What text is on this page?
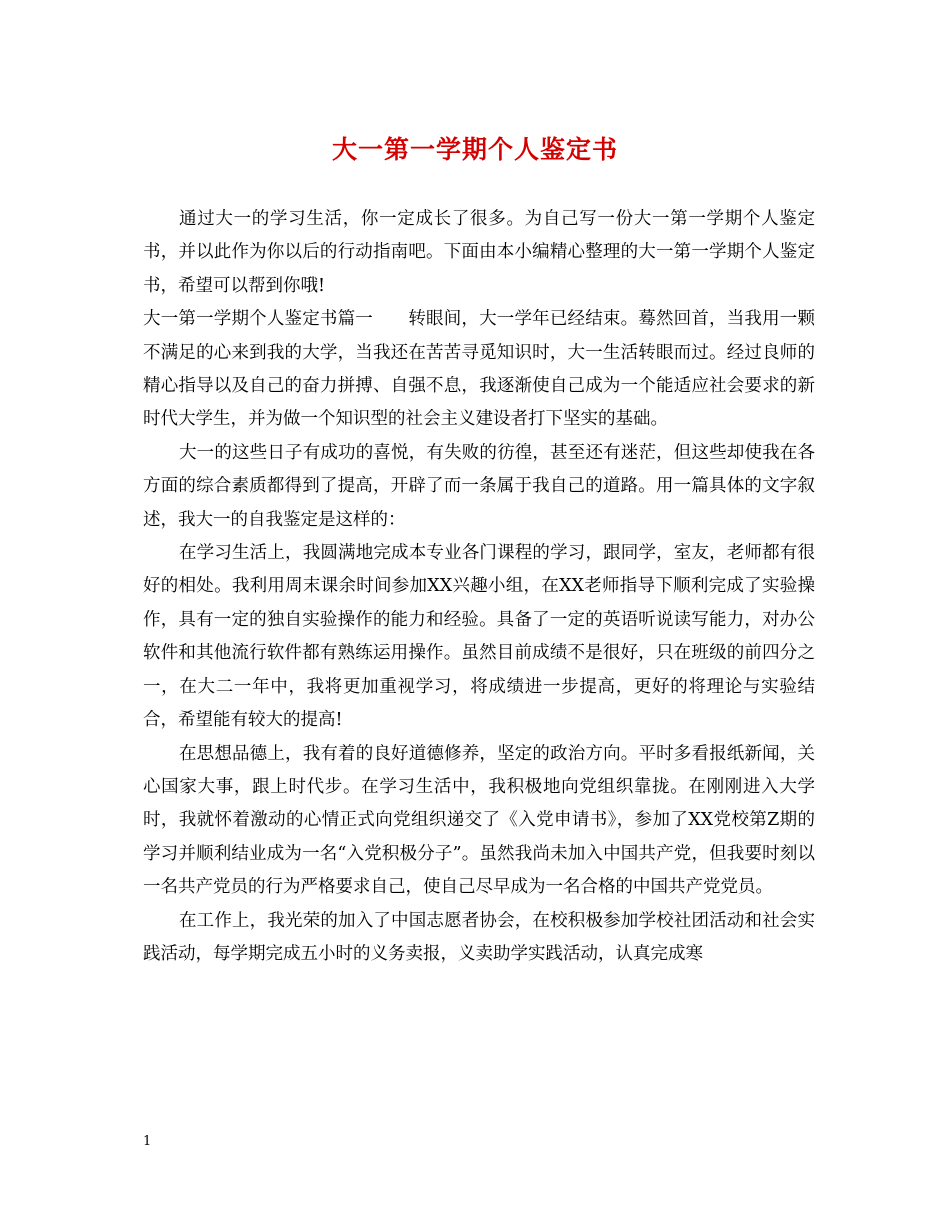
大一第一学期个人鉴定书

通过大一的学习生活，你一定成长了很多。为自己写一份大一第一学期个人鉴定书，并以此作为你以后的行动指南吧。下面由本小编精心整理的大一第一学期个人鉴定书，希望可以帮到你哦!

大一第一学期个人鉴定书篇一　　转眼间，大一学年已经结束。蓦然回首，当我用一颗不满足的心来到我的大学，当我还在苦苦寻觅知识时，大一生活转眼而过。经过良师的精心指导以及自己的奋力拼搏、自强不息，我逐渐使自己成为一个能适应社会要求的新时代大学生，并为做一个知识型的社会主义建设者打下坚实的基础。

大一的这些日子有成功的喜悦，有失败的彷徨，甚至还有迷茫，但这些却使我在各方面的综合素质都得到了提高，开辟了而一条属于我自己的道路。用一篇具体的文字叙述，我大一的自我鉴定是这样的：

在学习生活上，我圆满地完成本专业各门课程的学习，跟同学，室友，老师都有很好的相处。我利用周末课余时间参加XX兴趣小组，在XX老师指导下顺利完成了实验操作，具有一定的独自实验操作的能力和经验。具备了一定的英语听说读写能力，对办公软件和其他流行软件都有熟练运用操作。虽然目前成绩不是很好，只在班级的前四分之一，在大二一年中，我将更加重视学习，将成绩进一步提高，更好的将理论与实验结合，希望能有较大的提高!

在思想品德上，我有着的良好道德修养，坚定的政治方向。平时多看报纸新闻，关心国家大事，跟上时代步。在学习生活中，我积极地向党组织靠拢。在刚刚进入大学时，我就怀着激动的心情正式向党组织递交了《入党申请书》，参加了XX党校第Z期的学习并顺利结业成为一名“入党积极分子”。虽然我尚未加入中国共产党，但我要时刻以一名共产党员的行为严格要求自己，使自己尽早成为一名合格的中国共产党党员。

在工作上，我光荣的加入了中国志愿者协会，在校积极参加学校社团活动和社会实践活动，每学期完成五小时的义务卖报，义卖助学实践活动，认真完成寒

1
